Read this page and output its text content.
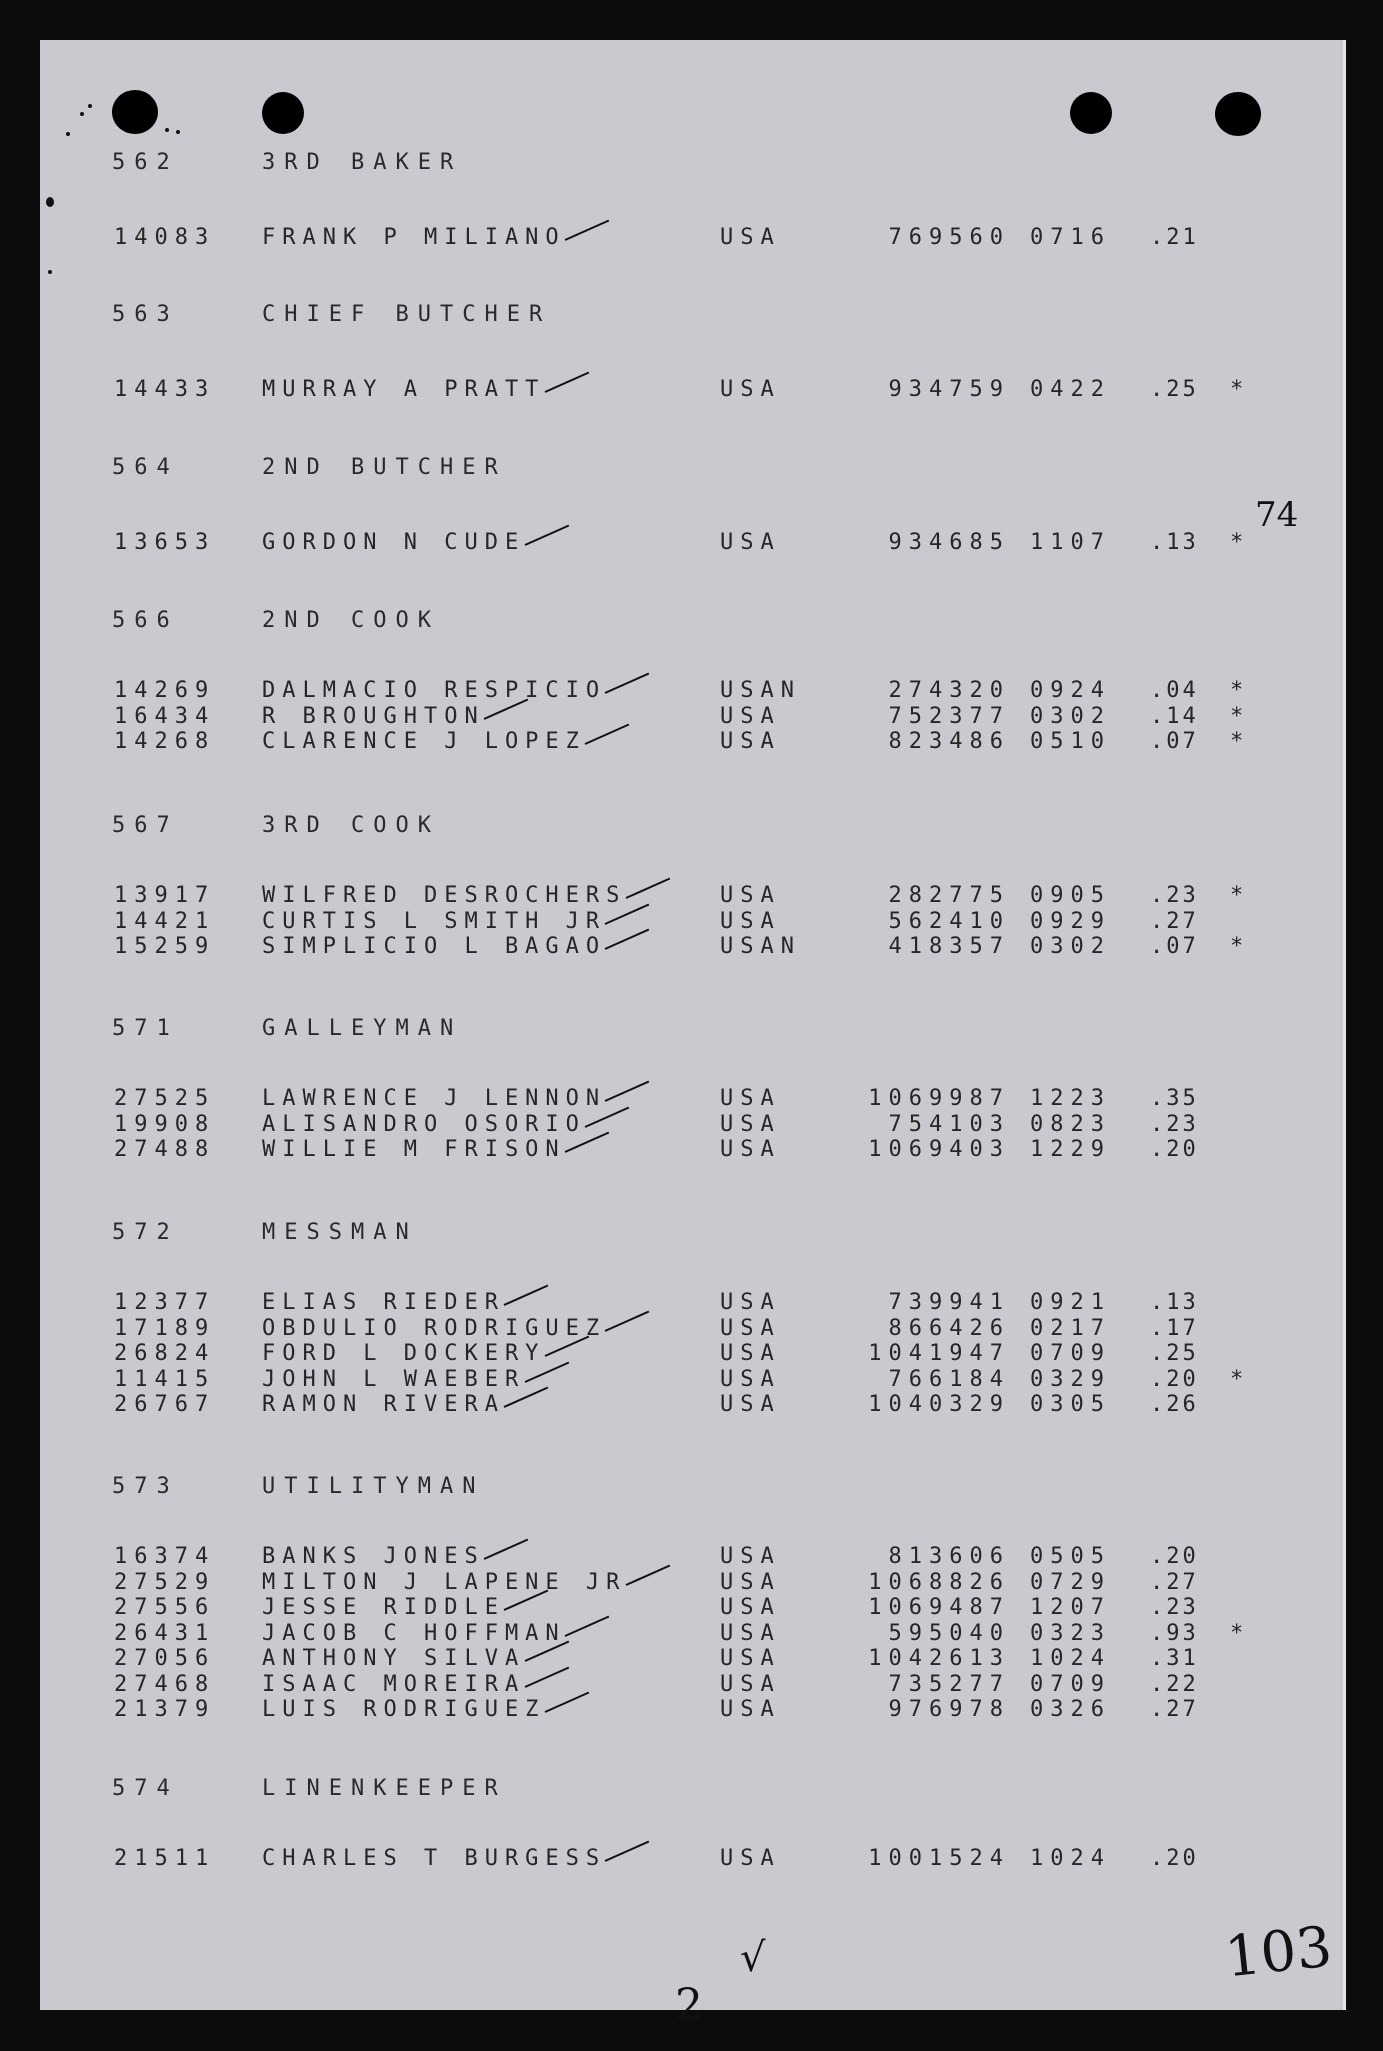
562	3RD BAKER
14083 FRANK P MILIANO	USA	769560 0716 .21
563	CHIEF BUTCHER
14433 MURRAY A PRATT	USA	934759 0422 .25 *
564	2ND BUTCHER
13653 GORDON N CUDE	USA	934685 1107 .13 *
566	2ND COOK
14269 DALMACIO RESPICIO	USAN	274320 0924 .04 *
16434 R BROUGHTON	USA	752377 0302 .14 *
14268 CLARENCE J LOPEZ	USA	823486 0510 .07 *
567	3RD COOK
13917 WILFRED DESROCHERS	USA	282775 0905 .23 *
14421 CURTIS L SMITH JR	USA	562410 0929 .27
15259 SIMPLICIO L BAGAO	USAN	418357 0302 .07 *
571	GALLEYMAN
27525 LAWRENCE J LENNON	USA	1069987 1223 .35
19908 ALISANDRO OSORIO	USA	754103 0823 .23
27488 WILLIE M FRISON	USA	1069403 1229 .20
572	MESSMAN
12377 ELIAS RIEDER	USA	739941 0921 .13
17189 OBDULIO RODRIGUEZ	USA	866426 0217 .17
26824 FORD L DOCKERY	USA	1041947 0709 .25
11415 JOHN L WAEBER	USA	766184 0329 .20 *
26767 RAMON RIVERA	USA	1040329 0305 .26
573	UTILITYMAN
16374 BANKS JONES	USA	813606 0505 .20
27529 MILTON J LAPENE JR	USA	1068826 0729 .27
27556 JESSE RIDDLE	USA	1069487 1207 .23
26431 JACOB C HOFFMAN	USA	595040 0323 .93 *
27056 ANTHONY SILVA	USA	1042613 1024 .31
27468 ISAAC MOREIRA	USA	735277 0709 .22
21379 LUIS RODRIGUEZ	USA	976978 0326 .27
574	LINENKEEPER
21511 CHARLES T BURGESS	USA	1001524 1024 .20
74
103
2
√
